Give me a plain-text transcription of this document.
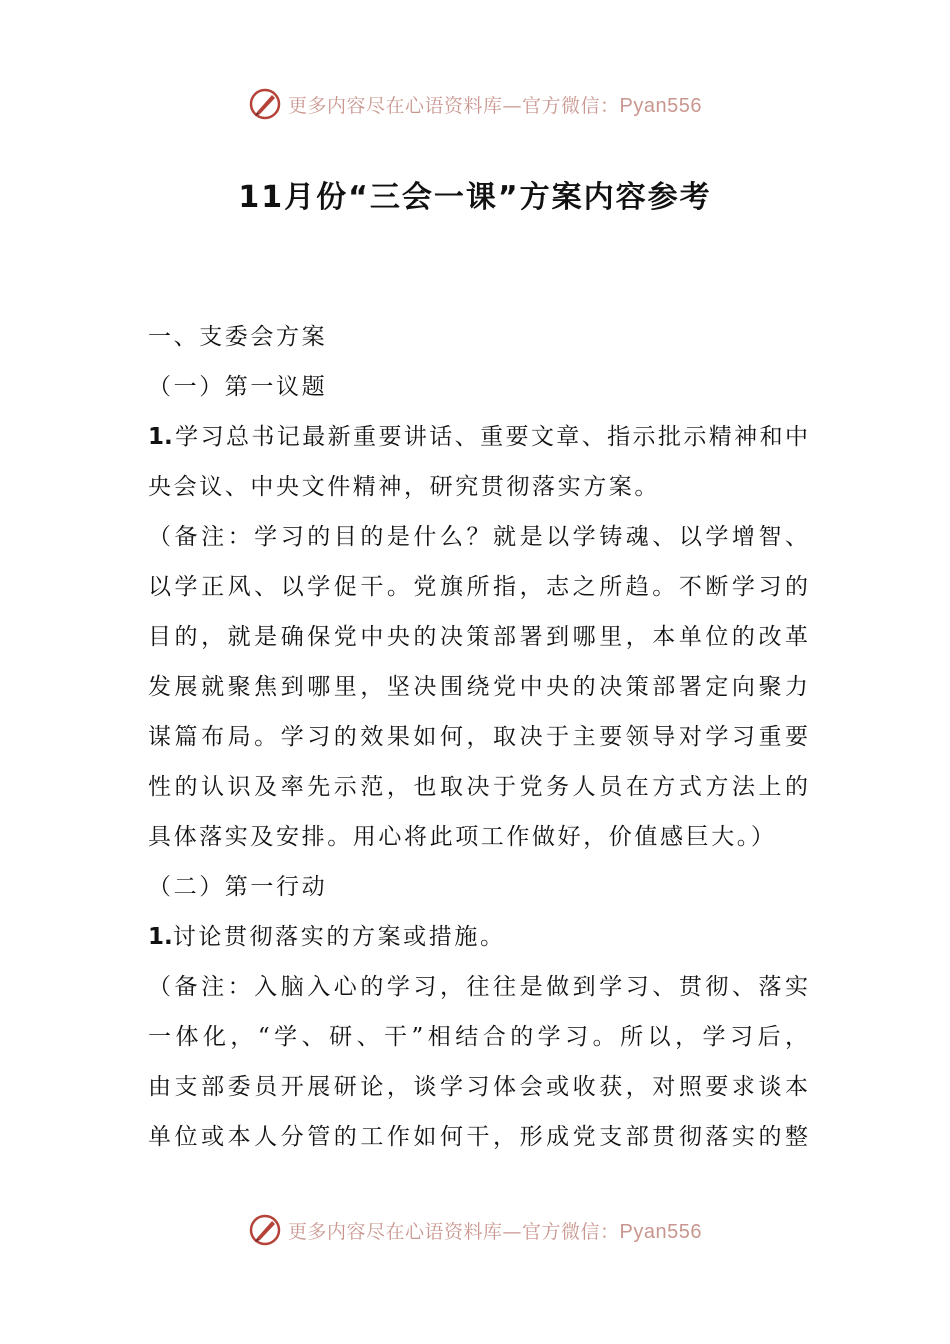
更多内容尽在心语资料库—官方微信：Pyan556
11月份“三会一课”方案内容参考
一、支委会方案
（一）第一议题
1.学习总书记最新重要讲话、重要文章、指示批示精神和中
央会议、中央文件精神，研究贯彻落实方案。
（备注：学习的目的是什么？就是以学铸魂、以学增智、
以学正风、以学促干。党旗所指，志之所趋。不断学习的
目的，就是确保党中央的决策部署到哪里，本单位的改革
发展就聚焦到哪里，坚决围绕党中央的决策部署定向聚力
谋篇布局。学习的效果如何，取决于主要领导对学习重要
性的认识及率先示范，也取决于党务人员在方式方法上的
具体落实及安排。用心将此项工作做好，价值感巨大。）
（二）第一行动
1.讨论贯彻落实的方案或措施。
（备注：入脑入心的学习，往往是做到学习、贯彻、落实
一体化，“学、研、干”相结合的学习。所以，学习后，
由支部委员开展研论，谈学习体会或收获，对照要求谈本
单位或本人分管的工作如何干，形成党支部贯彻落实的整
更多内容尽在心语资料库—官方微信：Pyan556
